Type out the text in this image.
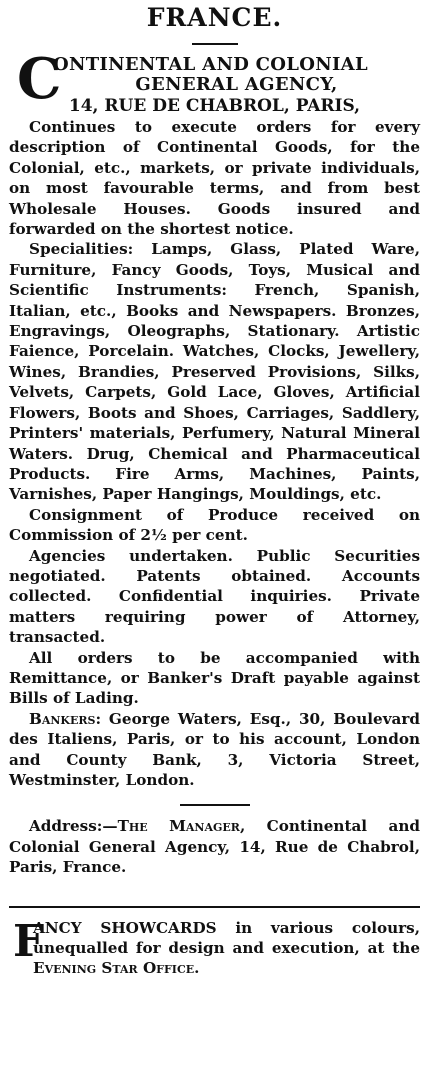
FRANCE.
C
ONTINENTAL AND COLONIAL
GENERAL AGENCY,
14, RUE DE CHABROL, PARIS,

Continues to execute orders for every description of Continental Goods, for the Colonial, etc., markets, or private individuals, on most favourable terms, and from best Wholesale Houses. Goods insured and forwarded on the shortest notice.

Specialities: Lamps, Glass, Plated Ware, Furniture, Fancy Goods, Toys, Musical and Scientific Instruments: French, Spanish, Italian, etc., Books and Newspapers. Bronzes, Engravings, Oleographs, Stationary. Artistic Faience, Porcelain. Watches, Clocks, Jewellery, Wines, Brandies, Preserved Provisions, Silks, Velvets, Carpets, Gold Lace, Gloves, Artificial Flowers, Boots and Shoes, Carriages, Saddlery, Printers' materials, Perfumery, Natural Mineral Waters. Drug, Chemical and Pharmaceutical Products. Fire Arms, Machines, Paints, Varnishes, Paper Hangings, Mouldings, etc.

Consignment of Produce received on Commission of 2½ per cent.

Agencies undertaken. Public Securities negotiated. Patents obtained. Accounts collected. Confidential inquiries. Private matters requiring power of Attorney, transacted.

All orders to be accompanied with Remittance, or Banker's Draft payable against Bills of Lading.

Bankers: George Waters, Esq., 30, Boulevard des Italiens, Paris, or to his account, London and County Bank, 3, Victoria Street, Westminster, London.

Address:—The Manager, Continental and Colonial General Agency, 14, Rue de Chabrol, Paris, France.

F

ANCY SHOWCARDS in various colours, unequalled for design and execution, at the Evening Star Office.
